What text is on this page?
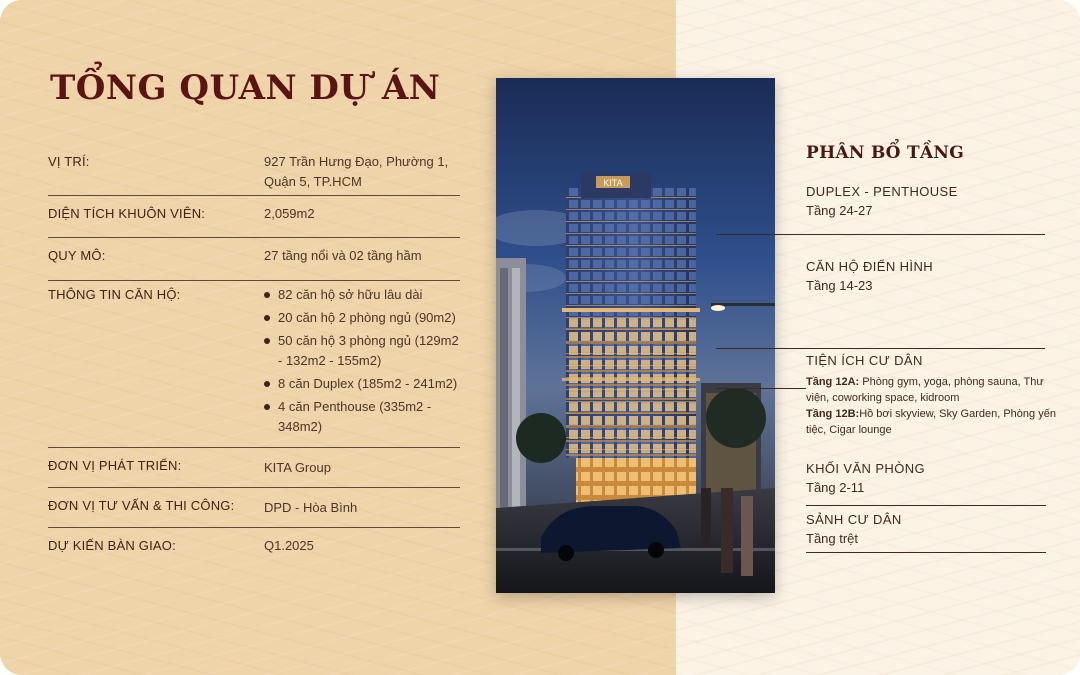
TỔNG QUAN DỰ ÁN
VỊ TRÍ:	927 Trần Hưng Đạo, Phường 1, Quận 5, TP.HCM
DIỆN TÍCH KHUÔN VIÊN:	2,059m2
QUY MÔ:	27 tầng nổi và 02 tầng hầm
THÔNG TIN CĂN HỘ:	82 căn hộ sở hữu lâu dài
20 căn hộ 2 phòng ngủ (90m2)
50 căn hộ 3 phòng ngủ (129m2 - 132m2 - 155m2)
8 căn Duplex (185m2 - 241m2)
4 căn Penthouse (335m2 - 348m2)
ĐƠN VỊ PHÁT TRIỂN:	KITA Group
ĐƠN VỊ TƯ VẤN & THI CÔNG:	DPD - Hòa Bình
DỰ KIẾN BÀN GIAO:	Q1.2025
KITA
PHÂN BỔ TẦNG
DUPLEX - PENTHOUSE
Tầng 24-27
CĂN HỘ ĐIỂN HÌNH
Tầng 14-23
TIỆN ÍCH CƯ DÂN
Tầng 12A: Phòng gym, yoga, phòng sauna, Thư viện, coworking space, kidroom
Tầng 12B:Hồ bơi skyview, Sky Garden, Phòng yến tiệc, Cigar lounge
KHỐI VĂN PHÒNG
Tầng 2-11
SẢNH CƯ DÂN
Tầng trệt
